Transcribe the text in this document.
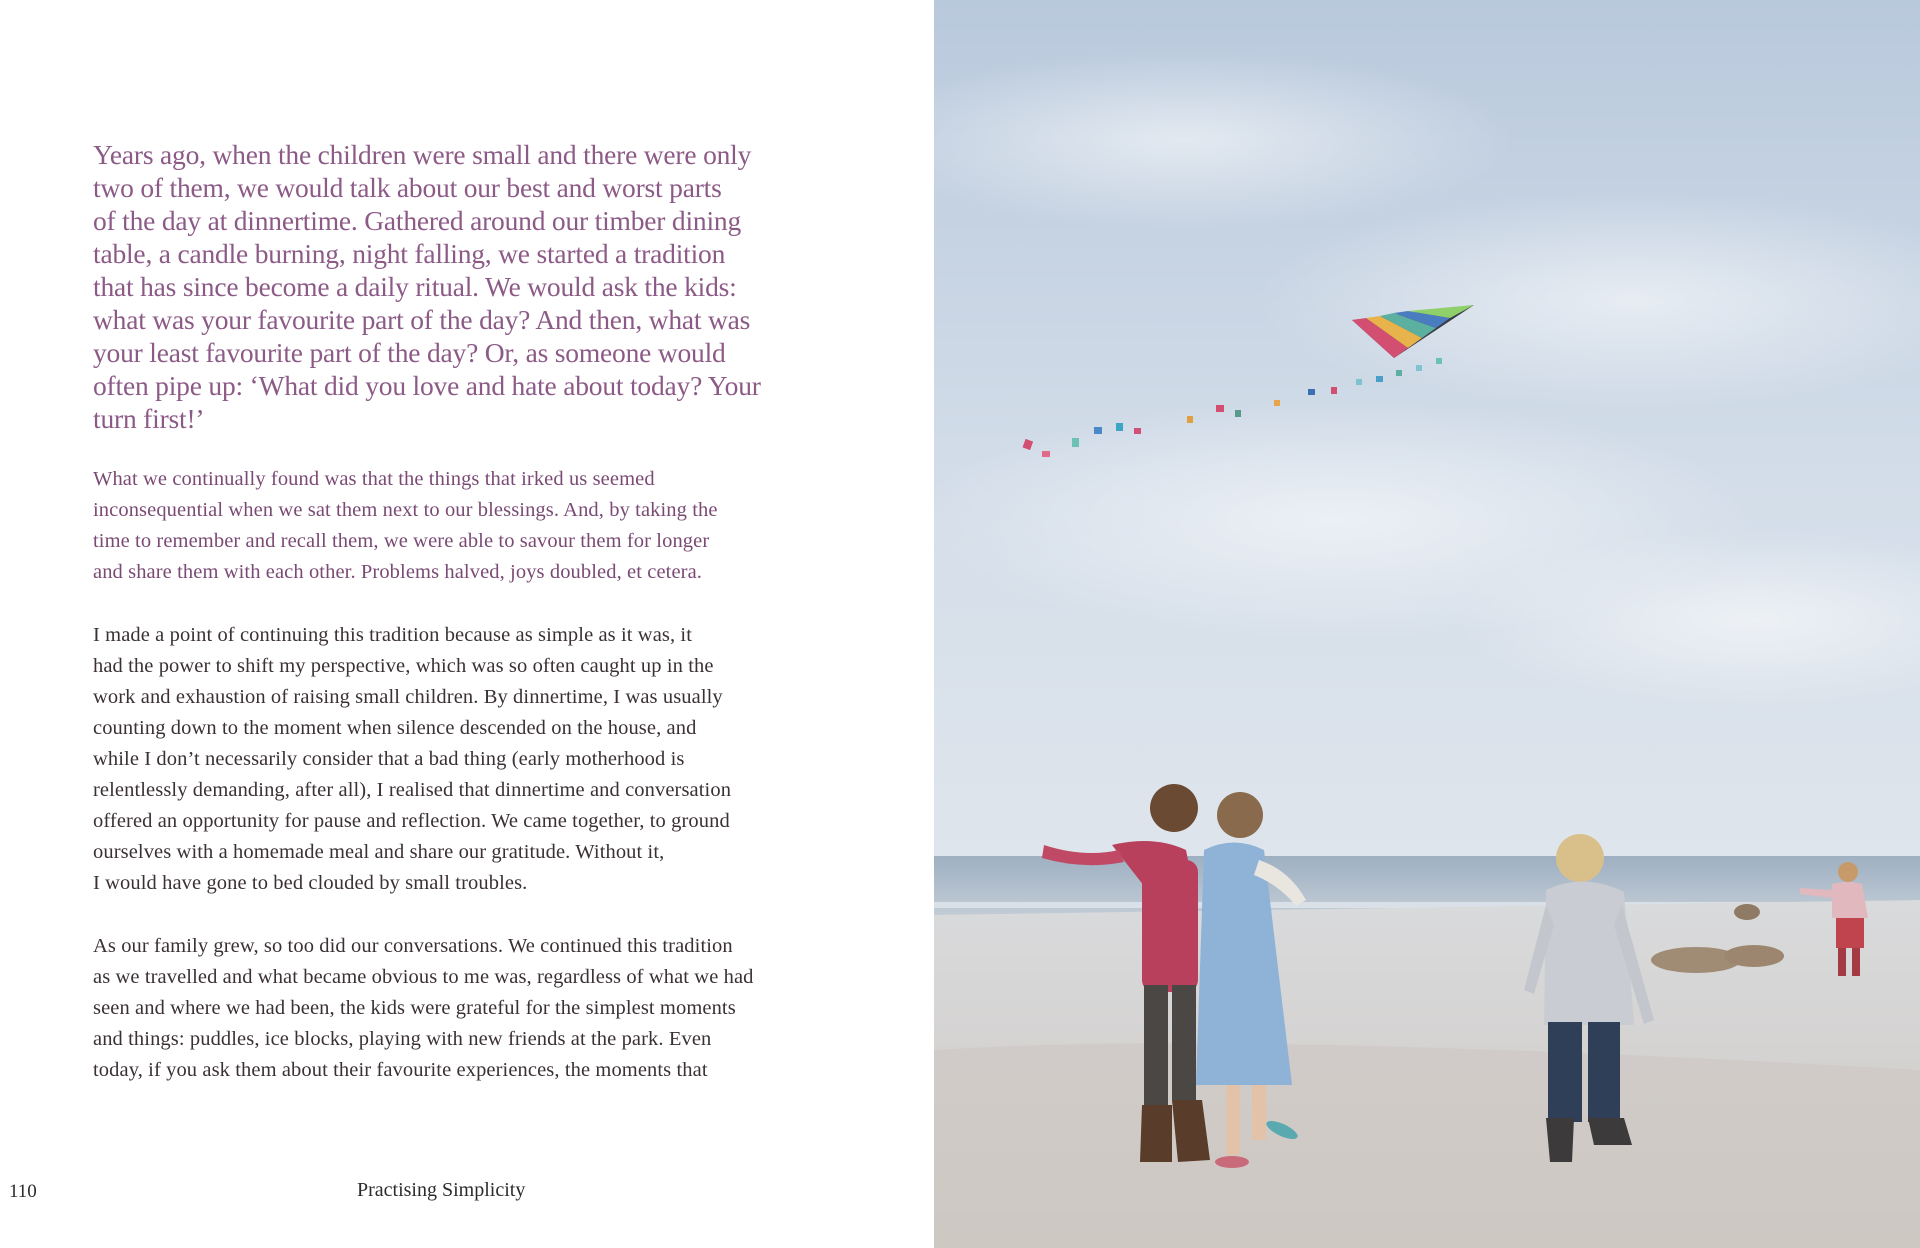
Years ago, when the children were small and there were only
two of them, we would talk about our best and worst parts
of the day at dinnertime. Gathered around our timber dining
table, a candle burning, night falling, we started a tradition
that has since become a daily ritual. We would ask the kids:
what was your favourite part of the day? And then, what was
your least favourite part of the day? Or, as someone would
often pipe up: ‘What did you love and hate about today? Your
turn first!’

What we continually found was that the things that irked us seemed
inconsequential when we sat them next to our blessings. And, by taking the
time to remember and recall them, we were able to savour them for longer
and share them with each other. Problems halved, joys doubled, et cetera.

I made a point of continuing this tradition because as simple as it was, it
had the power to shift my perspective, which was so often caught up in the
work and exhaustion of raising small children. By dinnertime, I was usually
counting down to the moment when silence descended on the house, and
while I don’t necessarily consider that a bad thing (early motherhood is
relentlessly demanding, after all), I realised that dinnertime and conversation
offered an opportunity for pause and reflection. We came together, to ground
ourselves with a homemade meal and share our gratitude. Without it,
I would have gone to bed clouded by small troubles.

As our family grew, so too did our conversations. We continued this tradition
as we travelled and what became obvious to me was, regardless of what we had
seen and where we had been, the kids were grateful for the simplest moments
and things: puddles, ice blocks, playing with new friends at the park. Even
today, if you ask them about their favourite experiences, the moments that

110	Practising Simplicity
